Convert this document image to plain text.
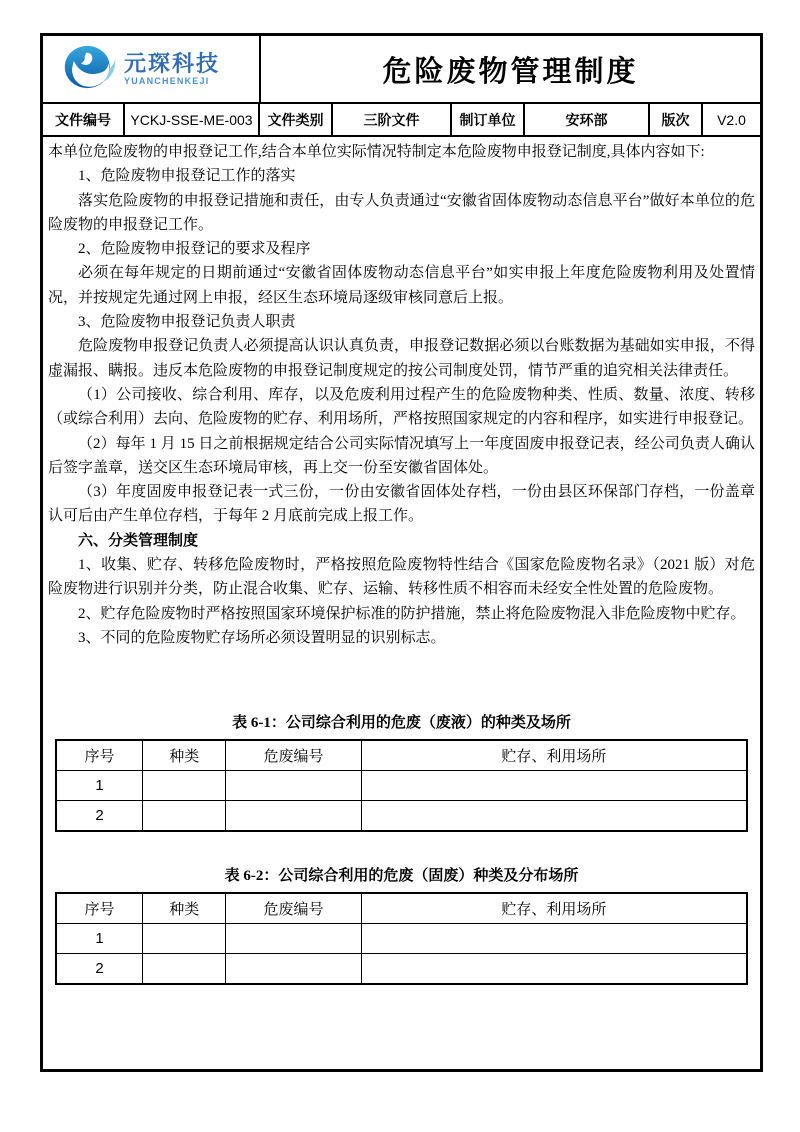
元琛科技
YUANCHENKEJI	危险废物管理制度
文件编号	YCKJ-SSE-ME-003	文件类别	三阶文件	制订单位	安环部	版次	V2.0

本单位危险废物的申报登记工作,结合本单位实际情况特制定本危险废物申报登记制度,具体内容如下:

1、危险废物申报登记工作的落实

落实危险废物的申报登记措施和责任，由专人负责通过“安徽省固体废物动态信息平台”做好本单位的危险废物的申报登记工作。

2、危险废物申报登记的要求及程序

必须在每年规定的日期前通过“安徽省固体废物动态信息平台”如实申报上年度危险废物利用及处置情况，并按规定先通过网上申报，经区生态环境局逐级审核同意后上报。

3、危险废物申报登记负责人职责

危险废物申报登记负责人必须提高认识认真负责，申报登记数据必须以台账数据为基础如实申报，不得虚漏报、瞒报。违反本危险废物的申报登记制度规定的按公司制度处罚，情节严重的追究相关法律责任。

（1）公司接收、综合利用、库存，以及危废利用过程产生的危险废物种类、性质、数量、浓度、转移（或综合利用）去向、危险废物的贮存、利用场所，严格按照国家规定的内容和程序，如实进行申报登记。

（2）每年 1 月 15 日之前根据规定结合公司实际情况填写上一年度固废申报登记表，经公司负责人确认后签字盖章，送交区生态环境局审核，再上交一份至安徽省固体处。

（3）年度固废申报登记表一式三份，一份由安徽省固体处存档，一份由县区环保部门存档，一份盖章认可后由产生单位存档，于每年 2 月底前完成上报工作。

六、分类管理制度

1、收集、贮存、转移危险废物时，严格按照危险废物特性结合《国家危险废物名录》（2021 版）对危险废物进行识别并分类，防止混合收集、贮存、运输、转移性质不相容而未经安全性处置的危险废物。

2、贮存危险废物时严格按照国家环境保护标准的防护措施，禁止将危险废物混入非危险废物中贮存。

3、不同的危险废物贮存场所必须设置明显的识别标志。

表 6-1：公司综合利用的危废（废液）的种类及场所
序号	种类	危废编号	贮存、利用场所
1			
2			
表 6-2：公司综合利用的危废（固废）种类及分布场所
序号	种类	危废编号	贮存、利用场所
1			
2			
